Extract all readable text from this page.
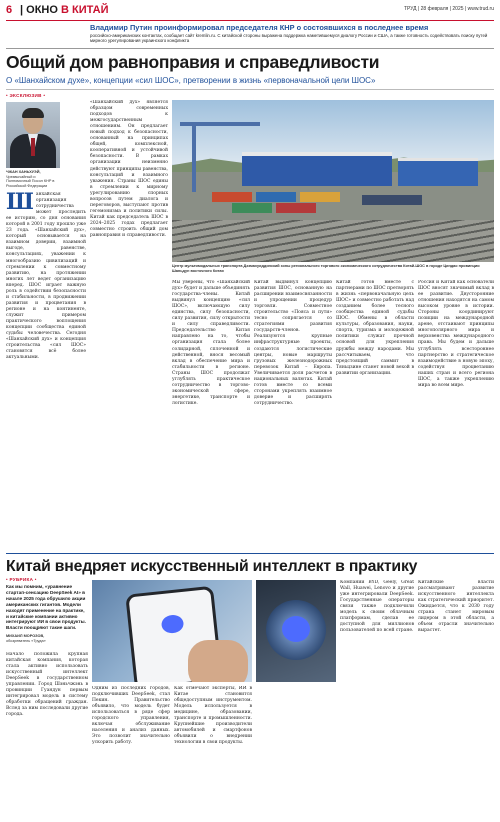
6 | ОКНО В КИТАЙ	ТРУД | 28 февраля | 2025 | www.trud.ru
Владимир Путин проинформировал председателя КНР о состоявшихся в последнее время
российско-американских контактах, сообщает сайт kremlin.ru. С китайской стороны выражена поддержка наметившемуся диалогу России и США, а также готовность содействовать поиску путей мирного урегулирования украинского конфликта
Общий дом равноправия и справедливости
О «Шанхайском духе», концепции «сил ШОС», претворении в жизнь «первоначальной цели ШОС»
• ЭКСКЛЮЗИВ •
ЧЖАН ХАНЬХУЭЙ,
Чрезвычайный и Полномочный Посол КНР в Российской Федерации
Шанхайская организация сотрудничества может проследить ее историю, со дня основания которой в 2001 году прошло уже 23 года. «Шанхайский дух», который основывается на взаимном доверии, взаимной выгоде, равенстве, консультациях, уважении к многообразию цивилизаций и стремлении к совместному развитию, на протяжении многих лет ведет организацию вперед. ШОС играет важную роль в содействии безопасности и стабильности, в продвижении развития и процветания в регионе и на континенте, служит примером практического воплощения концепции сообщества единой судьбы человечества. Сегодня «Шанхайский дух» и концепция строительства «сил ШОС» становятся всё более актуальными.
«Шанхайский дух» является образцом современных подходов к межгосударственным отношениям. Он предлагает новый подход к безопасности, основанный на принципах общей, комплексной, кооперативной и устойчивой безопасности. В рамках организации неизменно действуют принципы равенства, консультаций и взаимного уважения. Страны ШОС едины в стремлении к мирному урегулированию спорных вопросов путем диалога и переговоров, выступают против гегемонизма и политики силы. Китай как председатель ШОС в 2024–2025 годах предлагает совместно строить общий дом равноправия и справедливости.
Центр мультимодальных транспорта Дэзмахуиддинский зоны регионального торгового экономического сотрудничества Китай-ШОС в городе Циндао провинции Шаньдун восточного Китая
Мы уверены, что «Шанхайский дух» будет и дальше объединять государства-члены. Китай выдвинул концепцию «сил ШОС», включающую силу единства, силу безопасности, силу развития, силу открытости и силу справедливости. Председательство Китая направлено на то, чтобы организация стала более солидарной, сплоченной и действенной, внося весомый вклад в обеспечение мира и стабильности в регионе. Страны ШОС продолжат углублять практическое сотрудничество в торгово-экономической сфере, энергетике, транспорте и логистике.
Китай выдвинул концепцию развития ШОС, основанную на расширении взаимосвязанности и упрощении процедур торговли. Совместное строительство «Пояса и пути» тесно сопрягается со стратегиями развития государств-членов. Реализуются крупные инфраструктурные проекты, создаются логистические центры, новые маршруты грузовых железнодорожных перевозок Китай – Европа. Увеличивается доля расчетов в национальных валютах. Китай готов вместе со всеми сторонами укреплять взаимное доверие и расширять сотрудничество.
Китай готов вместе с партнерами по ШОС претворять в жизнь «первоначальную цель ШОС» и совместно работать над созданием более тесного сообщества единой судьбы ШОС. Обмены в области культуры, образования, науки, спорта, туризма и молодежной политики служат прочной основой для укрепления дружбы между народами. Мы рассчитываем, что предстоящий саммит в Тяньцзине станет новой вехой в развитии организации.
Россия и Китай как основатели ШОС вносят значимый вклад в ее развитие. Двусторонние отношения находятся на самом высоком уровне в истории. Стороны координируют позиции на международной арене, отстаивают принципы многополярного мира и верховенства международного права. Мы будем и дальше углублять всестороннее партнерство и стратегическое взаимодействие в новую эпоху, содействуя процветанию наших стран и всего региона ШОС, а также укреплению мира во всем мире.
Китай внедряет искусственный интеллект в практику
• РУБРИКА •
Как мы помним, «уравнение стартап-сенсацию DeepSeek AI» в начале 2025 года обрушило акции американских гигантов. Модели находят применение на практике, и китайские компании активно интегрируют ИИ в свои продукты. Власти поощряют такие шаги.
МИХАИЛ МОРОЗОВ,
обозреватель «Труда»
Начало положила крупная китайская компания, которая стала активно использовать искусственный интеллект DeepSeek в государственном управлении. Город Шэньчжэнь в провинции Гуандун первым интегрировал модель в систему обработки обращений граждан. Вслед за ним последовали другие города.
Одним из последних городов, подключивших DeepSeek, стал Пекин. Правительство объявило, что модель будет использоваться в ряде сфер городского управления, включая обслуживание населения и анализ данных. Это позволит значительно ускорить работу.
Как отмечают эксперты, ИИ в Китае становится общедоступным инструментом. Модель используется в медицине, образовании, транспорте и промышленности. Крупнейшие производители автомобилей и смартфонов объявили о внедрении технологии в свои продукты.
Компании BYD, Geely, Great Wall, Huawei, Lenovo и другие уже интегрировали DeepSeek. Государственные операторы связи также подключили модель к своим облачным платформам, сделав ее доступной для миллионов пользователей по всей стране.
Китайские власти рассматривают развитие искусственного интеллекта как стратегический приоритет. Ожидается, что к 2030 году страна станет мировым лидером в этой области, а объем отрасли значительно вырастет.
